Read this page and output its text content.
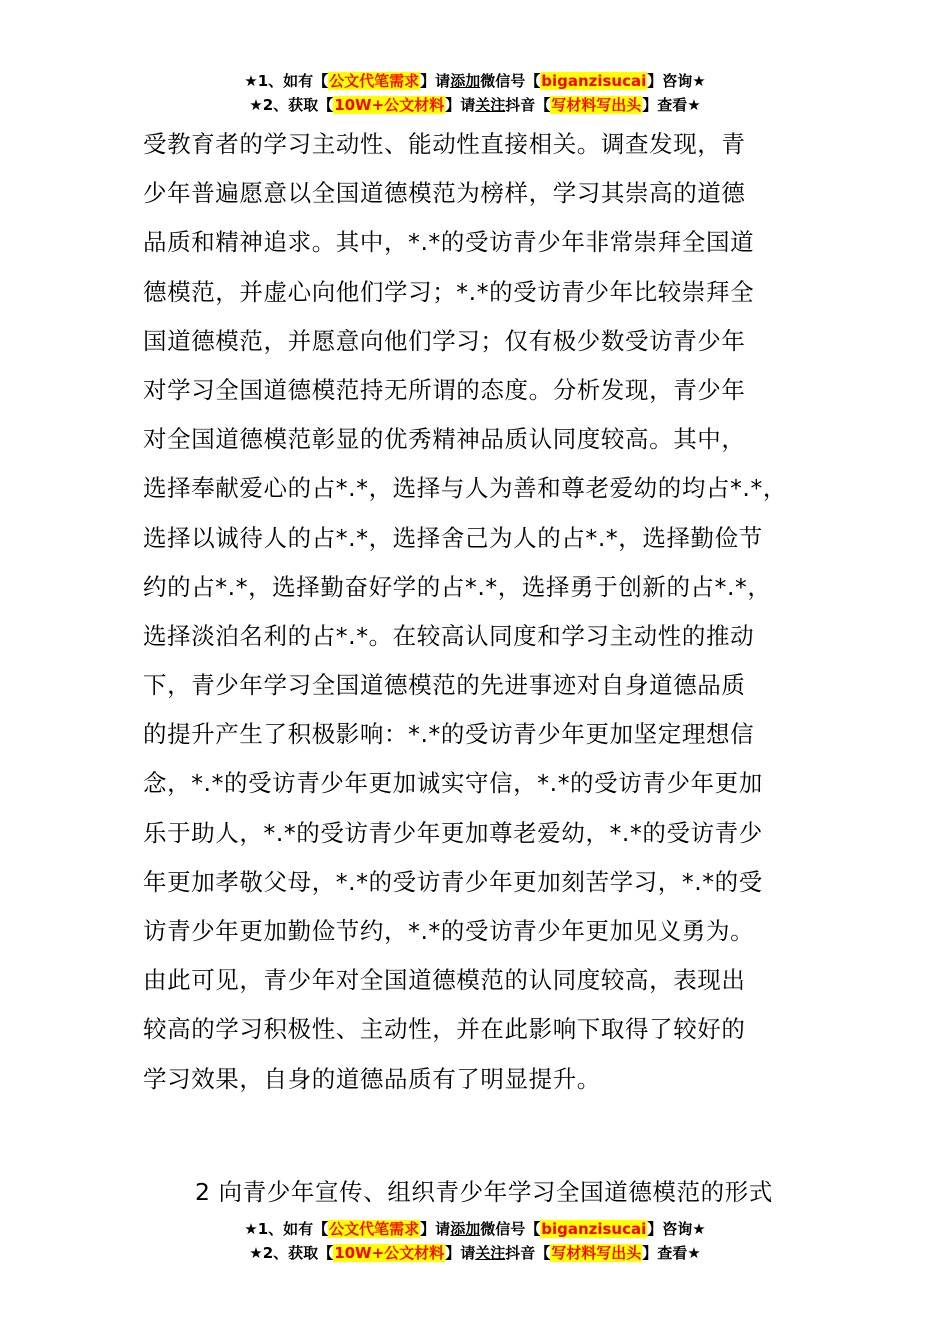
★1、如有【公文代笔需求】请添加微信号【biganzisucai】咨询★
★2、获取【10W+公文材料】请关注抖音【写材料写出头】查看★
受教育者的学习主动性、能动性直接相关。调查发现，青
少年普遍愿意以全国道德模范为榜样，学习其崇高的道德
品质和精神追求。其中，*.*的受访青少年非常崇拜全国道
德模范，并虚心向他们学习；*.*的受访青少年比较崇拜全
国道德模范，并愿意向他们学习；仅有极少数受访青少年
对学习全国道德模范持无所谓的态度。分析发现，青少年
对全国道德模范彰显的优秀精神品质认同度较高。其中，
选择奉献爱心的占*.*，选择与人为善和尊老爱幼的均占*.*，
选择以诚待人的占*.*，选择舍己为人的占*.*，选择勤俭节
约的占*.*，选择勤奋好学的占*.*，选择勇于创新的占*.*，
选择淡泊名利的占*.*。在较高认同度和学习主动性的推动
下，青少年学习全国道德模范的先进事迹对自身道德品质
的提升产生了积极影响：*.*的受访青少年更加坚定理想信
念，*.*的受访青少年更加诚实守信，*.*的受访青少年更加
乐于助人，*.*的受访青少年更加尊老爱幼，*.*的受访青少
年更加孝敬父母，*.*的受访青少年更加刻苦学习，*.*的受
访青少年更加勤俭节约，*.*的受访青少年更加见义勇为。
由此可见，青少年对全国道德模范的认同度较高，表现出
较高的学习积极性、主动性，并在此影响下取得了较好的
学习效果，自身的道德品质有了明显提升。
2 向青少年宣传、组织青少年学习全国道德模范的形式
★1、如有【公文代笔需求】请添加微信号【biganzisucai】咨询★
★2、获取【10W+公文材料】请关注抖音【写材料写出头】查看★
